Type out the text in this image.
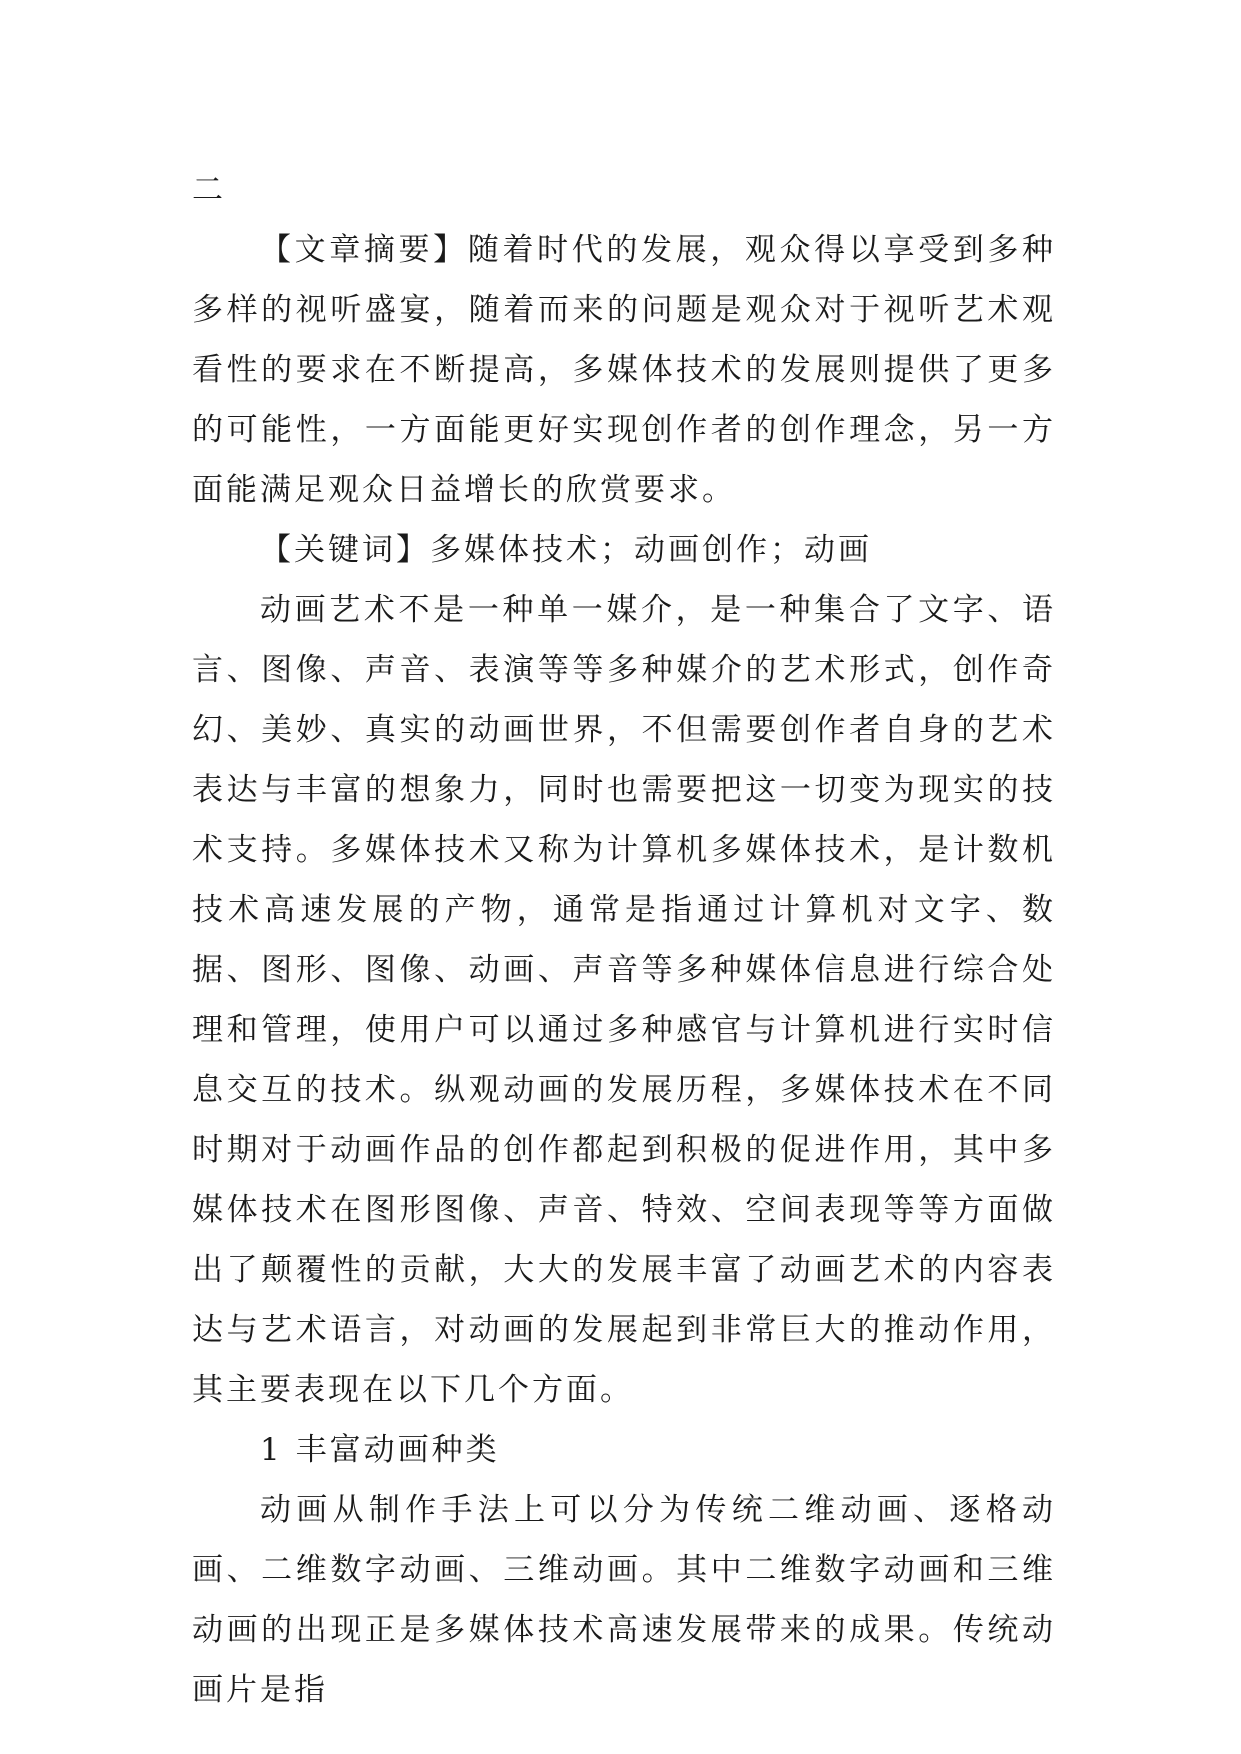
二

【文章摘要】随着时代的发展，观众得以享受到多种多样的视听盛宴，随着而来的问题是观众对于视听艺术观看性的要求在不断提高，多媒体技术的发展则提供了更多的可能性，一方面能更好实现创作者的创作理念，另一方面能满足观众日益增长的欣赏要求。

【关键词】多媒体技术；动画创作；动画

动画艺术不是一种单一媒介，是一种集合了文字、语言、图像、声音、表演等等多种媒介的艺术形式，创作奇幻、美妙、真实的动画世界，不但需要创作者自身的艺术表达与丰富的想象力，同时也需要把这一切变为现实的技术支持。多媒体技术又称为计算机多媒体技术，是计数机技术高速发展的产物，通常是指通过计算机对文字、数据、图形、图像、动画、声音等多种媒体信息进行综合处理和管理，使用户可以通过多种感官与计算机进行实时信息交互的技术。纵观动画的发展历程，多媒体技术在不同时期对于动画作品的创作都起到积极的促进作用，其中多媒体技术在图形图像、声音、特效、空间表现等等方面做出了颠覆性的贡献，大大的发展丰富了动画艺术的内容表达与艺术语言，对动画的发展起到非常巨大的推动作用，其主要表现在以下几个方面。

1 丰富动画种类

动画从制作手法上可以分为传统二维动画、逐格动画、二维数字动画、三维动画。其中二维数字动画和三维动画的出现正是多媒体技术高速发展带来的成果。传统动画片是指
